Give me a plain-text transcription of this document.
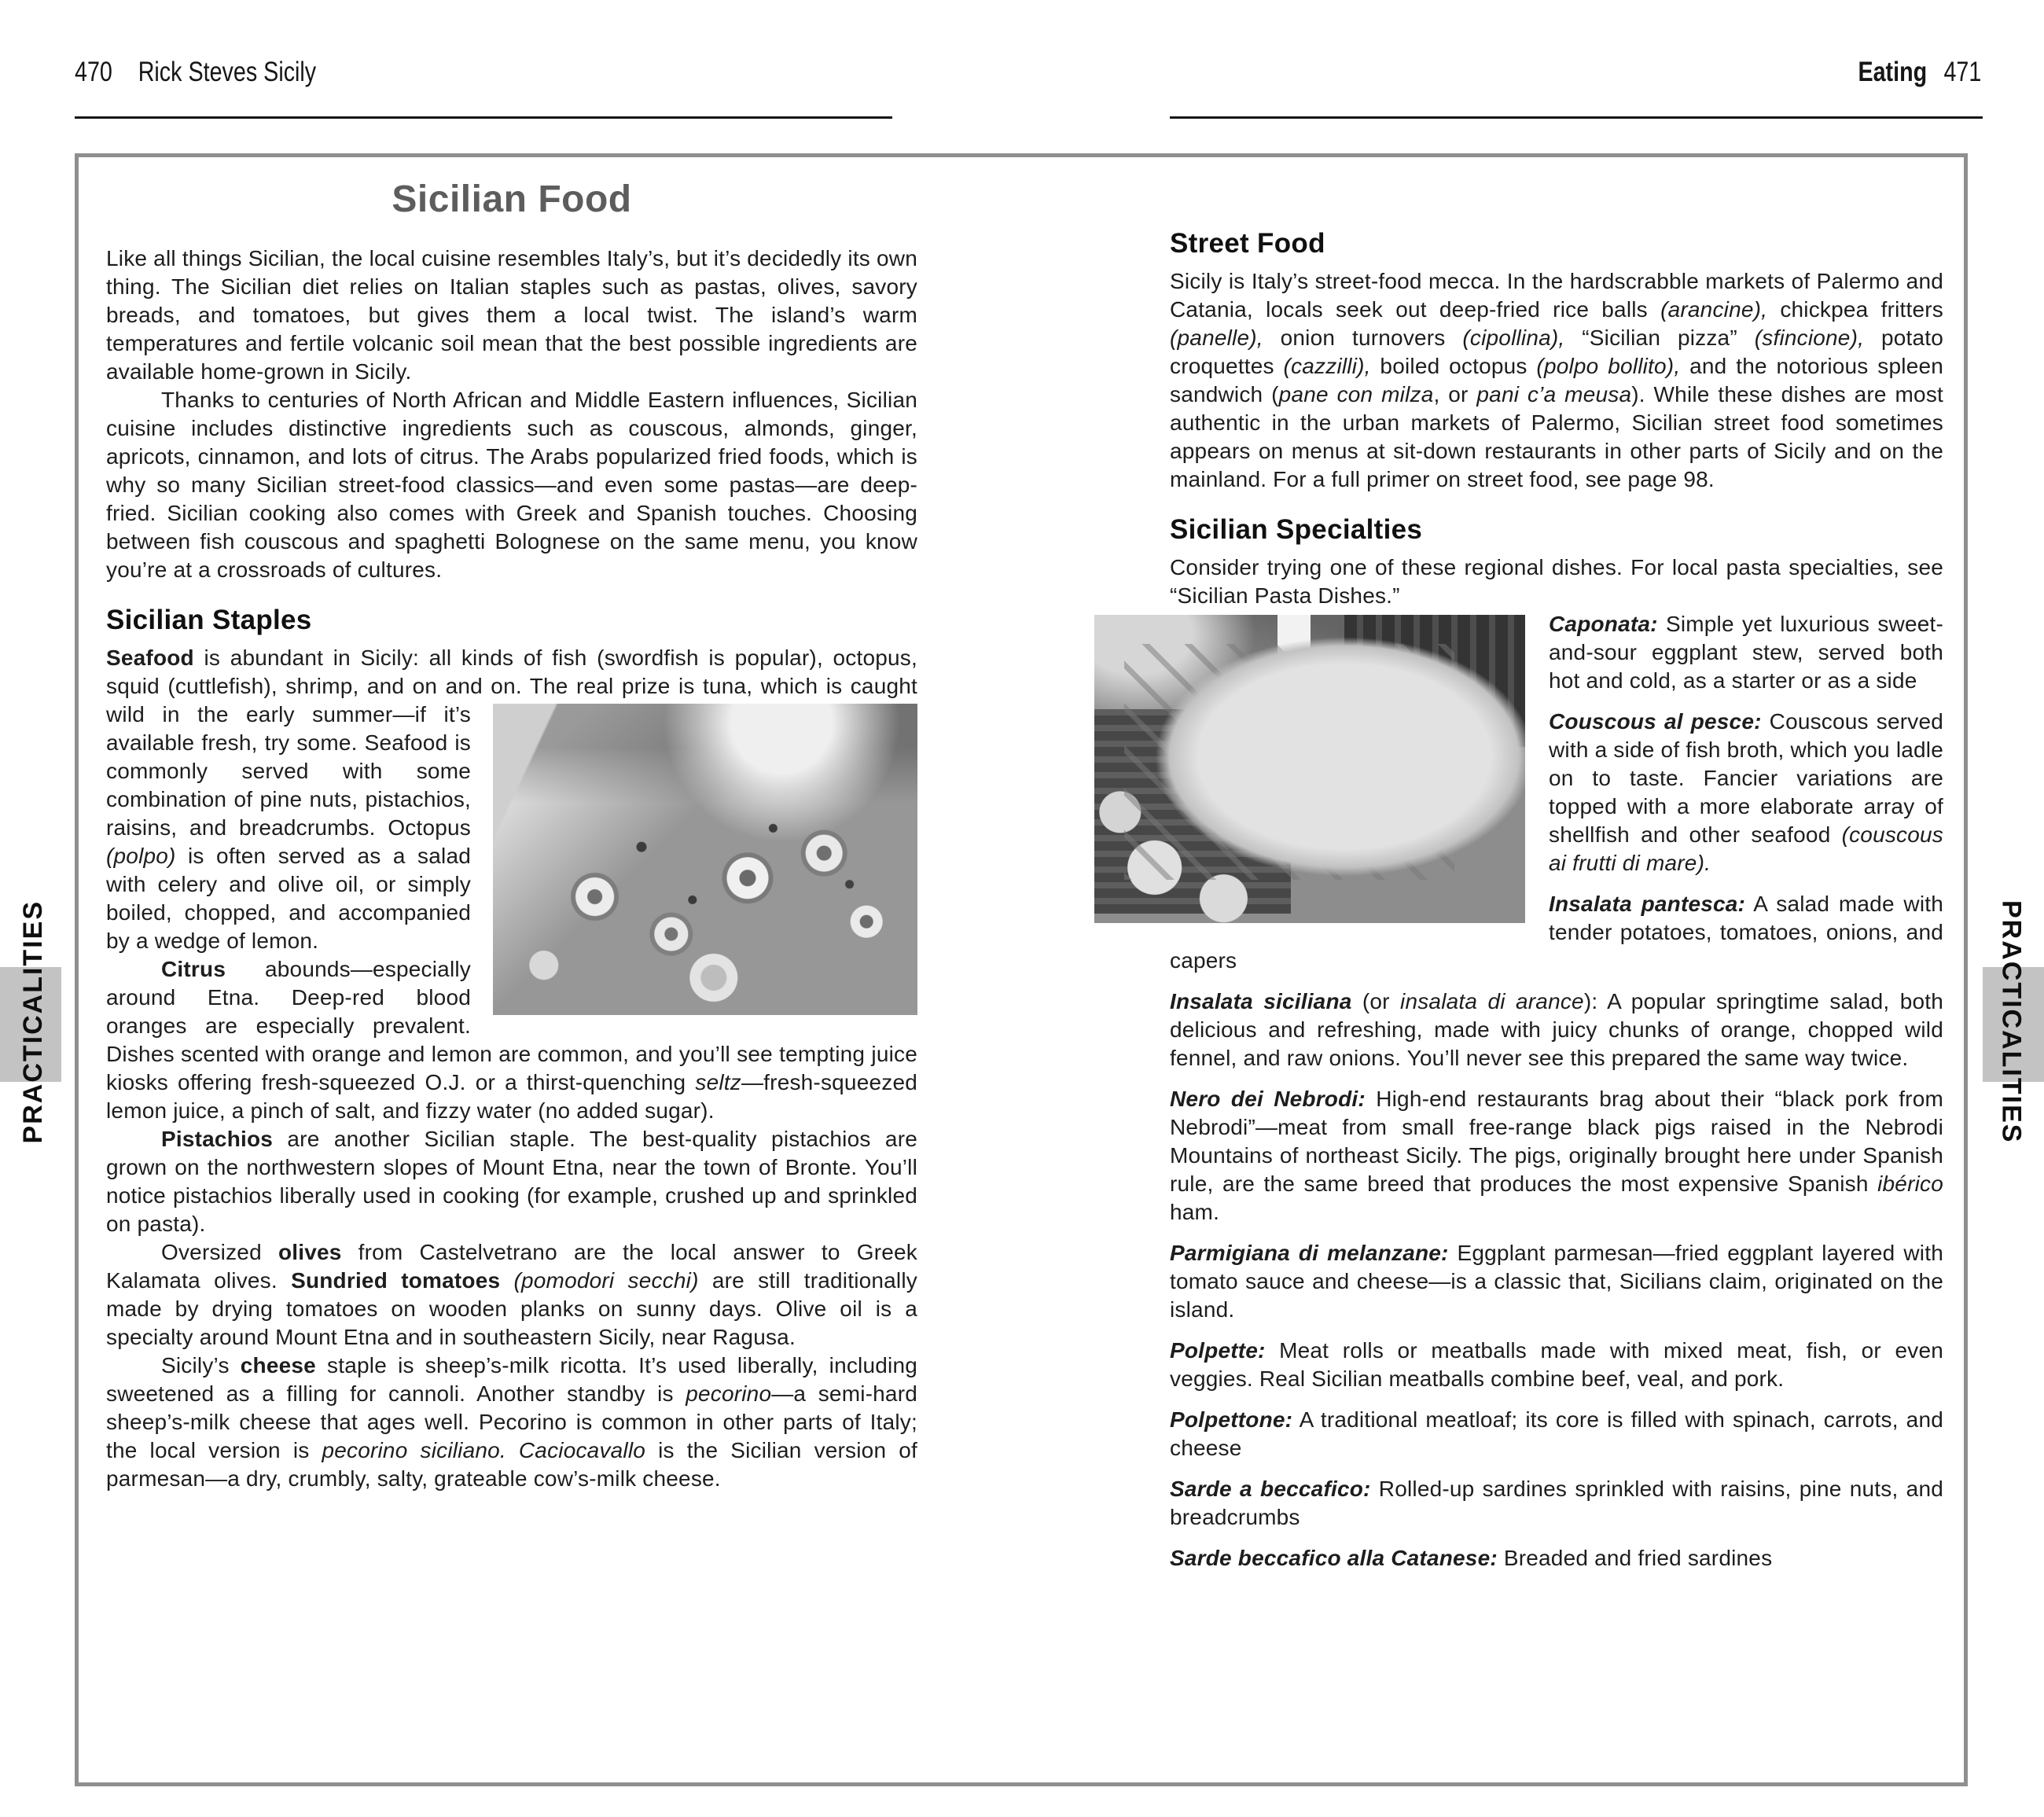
470 Rick Steves Sicily	Eating 471
PRACTICALITIES	PRACTICALITIES
Sicilian Food

Like all things Sicilian, the local cuisine resembles Italy’s, but it’s decidedly its own thing. The Sicilian diet relies on Italian staples such as pastas, olives, savory breads, and tomatoes, but gives them a local twist. The island’s warm temperatures and fertile volcanic soil mean that the best possible ingredients are available home-grown in Sicily.

Thanks to centuries of North African and Middle Eastern influences, Sicilian cuisine includes distinctive ingredients such as couscous, almonds, ginger, apricots, cinnamon, and lots of citrus. The Arabs popularized fried foods, which is why so many Sicilian street-food classics—and even some pastas—are deep-fried. Sicilian cooking also comes with Greek and Spanish touches. Choosing between fish couscous and spaghetti Bolognese on the same menu, you know you’re at a crossroads of cultures.

Sicilian Staples

Seafood is abundant in Sicily: all kinds of fish (swordfish is popular), octopus, squid (cuttlefish), shrimp, and on and on. The real prize is tuna, which is caught wild in the early summer—if it’s available fresh, try some. Seafood is commonly served with some combination of pine nuts, pistachios, raisins, and breadcrumbs. Octopus (polpo) is often served as a salad with celery and olive oil, or simply boiled, chopped, and accompanied by a wedge of lemon.

Citrus abounds—especially around Etna. Deep-red blood oranges are especially prevalent. Dishes scented with orange and lemon are common, and you’ll see tempting juice kiosks offering fresh-squeezed O.J. or a thirst-quenching seltz—fresh-squeezed lemon juice, a pinch of salt, and fizzy water (no added sugar).

Pistachios are another Sicilian staple. The best-quality pistachios are grown on the northwestern slopes of Mount Etna, near the town of Bronte. You’ll notice pistachios liberally used in cooking (for example, crushed up and sprinkled on pasta).

Oversized olives from Castelvetrano are the local answer to Greek Kalamata olives. Sundried tomatoes (pomodori secchi) are still traditionally made by drying tomatoes on wooden planks on sunny days. Olive oil is a specialty around Mount Etna and in southeastern Sicily, near Ragusa.

Sicily’s cheese staple is sheep’s-milk ricotta. It’s used liberally, including sweetened as a filling for cannoli. Another standby is pecorino—a semi-hard sheep’s-milk cheese that ages well. Pecorino is common in other parts of Italy; the local version is pecorino siciliano. Caciocavallo is the Sicilian version of parmesan—a dry, crumbly, salty, grateable cow’s-milk cheese.

Street Food

Sicily is Italy’s street-food mecca. In the hardscrabble markets of Palermo and Catania, locals seek out deep-fried rice balls (arancine), chickpea fritters (panelle), onion turnovers (cipollina), “Sicilian pizza” (sfincione), potato croquettes (cazzilli), boiled octopus (polpo bollito), and the notorious spleen sandwich (pane con milza, or pani c’a meusa). While these dishes are most authentic in the urban markets of Palermo, Sicilian street food sometimes appears on menus at sit-down restaurants in other parts of Sicily and on the mainland. For a full primer on street food, see page 98.

Sicilian Specialties

Consider trying one of these regional dishes. For local pasta specialties, see “Sicilian Pasta Dishes.”

Caponata: Simple yet luxurious sweet-and-sour eggplant stew, served both hot and cold, as a starter or as a side

Couscous al pesce: Couscous served with a side of fish broth, which you ladle on to taste. Fancier variations are topped with a more elaborate array of shellfish and other seafood (couscous ai frutti di mare).

Insalata pantesca: A salad made with tender potatoes, tomatoes, onions, and capers

Insalata siciliana (or insalata di arance): A popular springtime salad, both delicious and refreshing, made with juicy chunks of orange, chopped wild fennel, and raw onions. You’ll never see this prepared the same way twice.

Nero dei Nebrodi: High-end restaurants brag about their “black pork from Nebrodi”—meat from small free-range black pigs raised in the Nebrodi Mountains of northeast Sicily. The pigs, originally brought here under Spanish rule, are the same breed that produces the most expensive Spanish ibérico ham.

Parmigiana di melanzane: Eggplant parmesan—fried eggplant layered with tomato sauce and cheese—is a classic that, Sicilians claim, originated on the island.

Polpette: Meat rolls or meatballs made with mixed meat, fish, or even veggies. Real Sicilian meatballs combine beef, veal, and pork.

Polpettone: A traditional meatloaf; its core is filled with spinach, carrots, and cheese

Sarde a beccafico: Rolled-up sardines sprinkled with raisins, pine nuts, and breadcrumbs

Sarde beccafico alla Catanese: Breaded and fried sardines
